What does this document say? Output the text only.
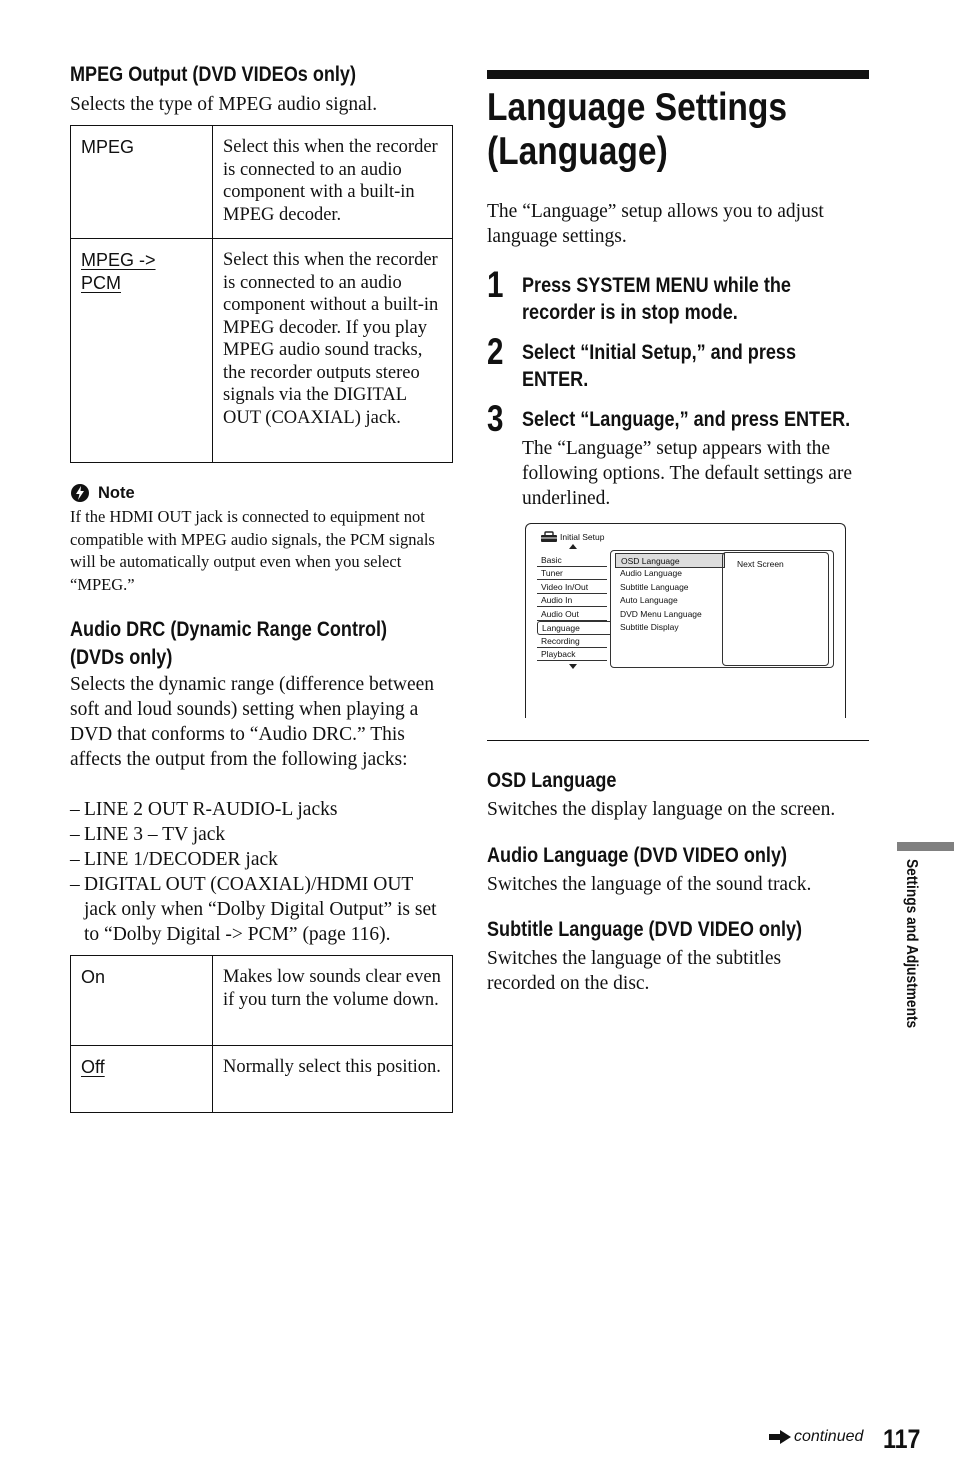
MPEG Output (DVD VIDEOs only)
Selects the type of MPEG audio signal.
MPEG	Select this when the recorder is connected to an audio component with a built-in MPEG decoder.
MPEG -> PCM	Select this when the recorder is connected to an audio component without a built-in MPEG decoder. If you play MPEG audio sound tracks, the recorder outputs stereo signals via the DIGITAL OUT (COAXIAL) jack.
Note
If the HDMI OUT jack is connected to equipment not compatible with MPEG audio signals, the PCM signals will be automatically output even when you select “MPEG.”
Audio DRC (Dynamic Range Control)
(DVDs only)
Selects the dynamic range (difference between soft and loud sounds) setting when playing a DVD that conforms to “Audio DRC.” This affects the output from the following jacks:
– LINE 2 OUT R-AUDIO-L jacks
– LINE 3 – TV jack
– LINE 1/DECODER jack
– DIGITAL OUT (COAXIAL)/HDMI OUT jack only when “Dolby Digital Output” is set to “Dolby Digital -> PCM” (page 116).
On	Makes low sounds clear even if you turn the volume down.
Off	Normally select this position.
Language Settings
(Language)
The “Language” setup allows you to adjust language settings.
1 Press SYSTEM MENU while the recorder is in stop mode.
2 Select “Initial Setup,” and press ENTER.
3 Select “Language,” and press ENTER.
The “Language” setup appears with the following options. The default settings are underlined.
Initial Setup
Basic
Tuner
Video In/Out
Audio In
Audio Out
Language
Recording
Playback
OSD Language
Audio Language
Subtitle Language
Auto Language
DVD Menu Language
Subtitle Display
Next Screen
OSD Language
Switches the display language on the screen.
Audio Language (DVD VIDEO only)
Switches the language of the sound track.
Subtitle Language (DVD VIDEO only)
Switches the language of the subtitles recorded on the disc.	Settings and Adjustments
continued 117
